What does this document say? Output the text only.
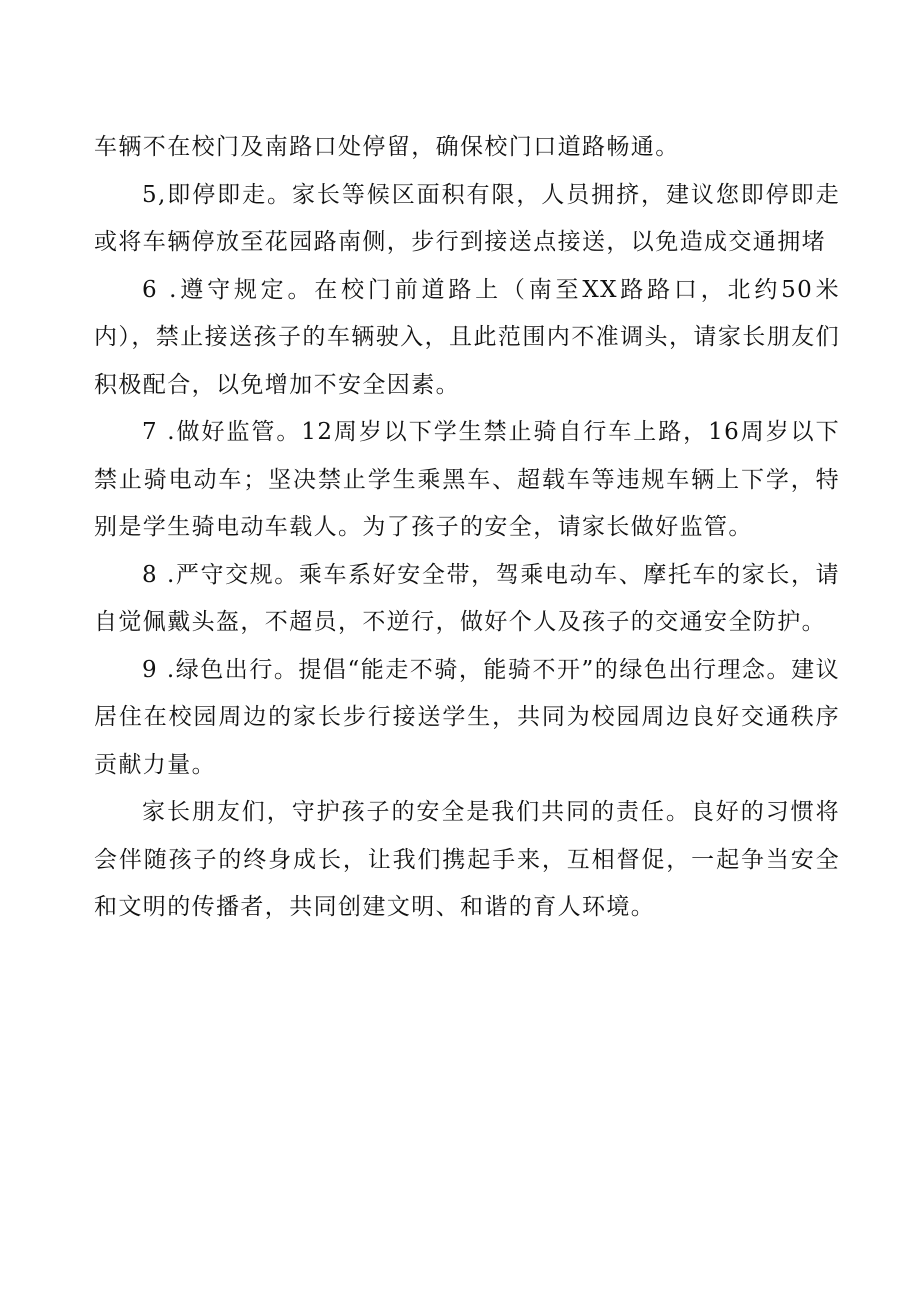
车辆不在校门及南路口处停留，确保校门口道路畅通。

5,即停即走。家长等候区面积有限，人员拥挤，建议您即停即走或将车辆停放至花园路南侧，步行到接送点接送，以免造成交通拥堵

6 .遵守规定。在校门前道路上（南至XX路路口，北约50米内），禁止接送孩子的车辆驶入，且此范围内不准调头，请家长朋友们积极配合，以免增加不安全因素。

7 .做好监管。12周岁以下学生禁止骑自行车上路，16周岁以下禁止骑电动车；坚决禁止学生乘黑车、超载车等违规车辆上下学，特别是学生骑电动车载人。为了孩子的安全，请家长做好监管。

8 .严守交规。乘车系好安全带，驾乘电动车、摩托车的家长，请自觉佩戴头盔，不超员，不逆行，做好个人及孩子的交通安全防护。

9 .绿色出行。提倡“能走不骑，能骑不开”的绿色出行理念。建议居住在校园周边的家长步行接送学生，共同为校园周边良好交通秩序贡献力量。

家长朋友们，守护孩子的安全是我们共同的责任。良好的习惯将会伴随孩子的终身成长，让我们携起手来，互相督促，一起争当安全和文明的传播者，共同创建文明、和谐的育人环境。
